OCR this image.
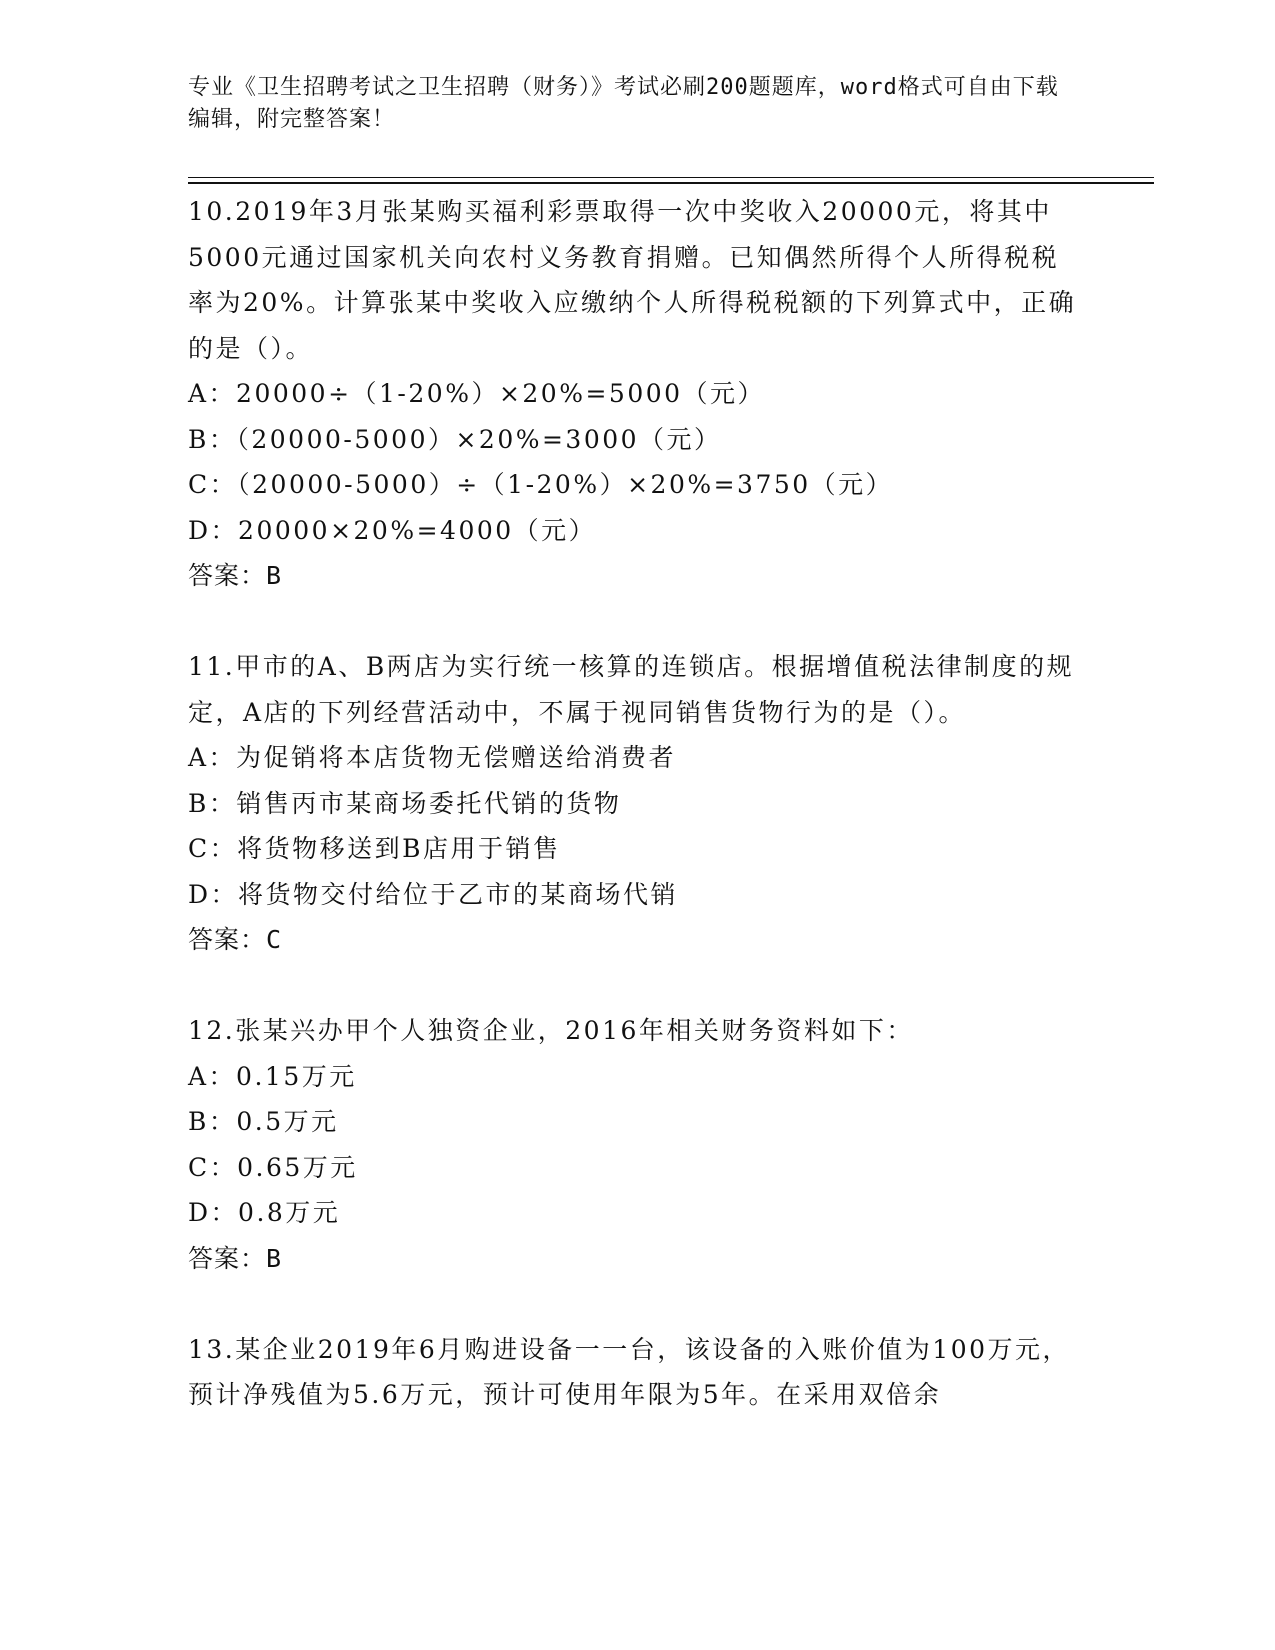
专业《卫生招聘考试之卫生招聘（财务）》考试必刷200题题库，word格式可自由下载编辑，附完整答案！

10.2019年3月张某购买福利彩票取得一次中奖收入20000元，将其中5000元通过国家机关向农村义务教育捐赠。已知偶然所得个人所得税税率为20%。计算张某中奖收入应缴纳个人所得税税额的下列算式中，正确的是（）。

A：20000÷（1-20%）×20%=5000（元）

B：（20000-5000）×20%=3000（元）

C：（20000-5000）÷（1-20%）×20%=3750（元）

D：20000×20%=4000（元）

答案：B

11.甲市的A、B两店为实行统一核算的连锁店。根据增值税法律制度的规定，A店的下列经营活动中，不属于视同销售货物行为的是（）。

A：为促销将本店货物无偿赠送给消费者

B：销售丙市某商场委托代销的货物

C：将货物移送到B店用于销售

D：将货物交付给位于乙市的某商场代销

答案：C

12.张某兴办甲个人独资企业，2016年相关财务资料如下：

A：0.15万元

B：0.5万元

C：0.65万元

D：0.8万元

答案：B

13.某企业2019年6月购进设备一一台，该设备的入账价值为100万元，预计净残值为5.6万元，预计可使用年限为5年。在采用双倍余
